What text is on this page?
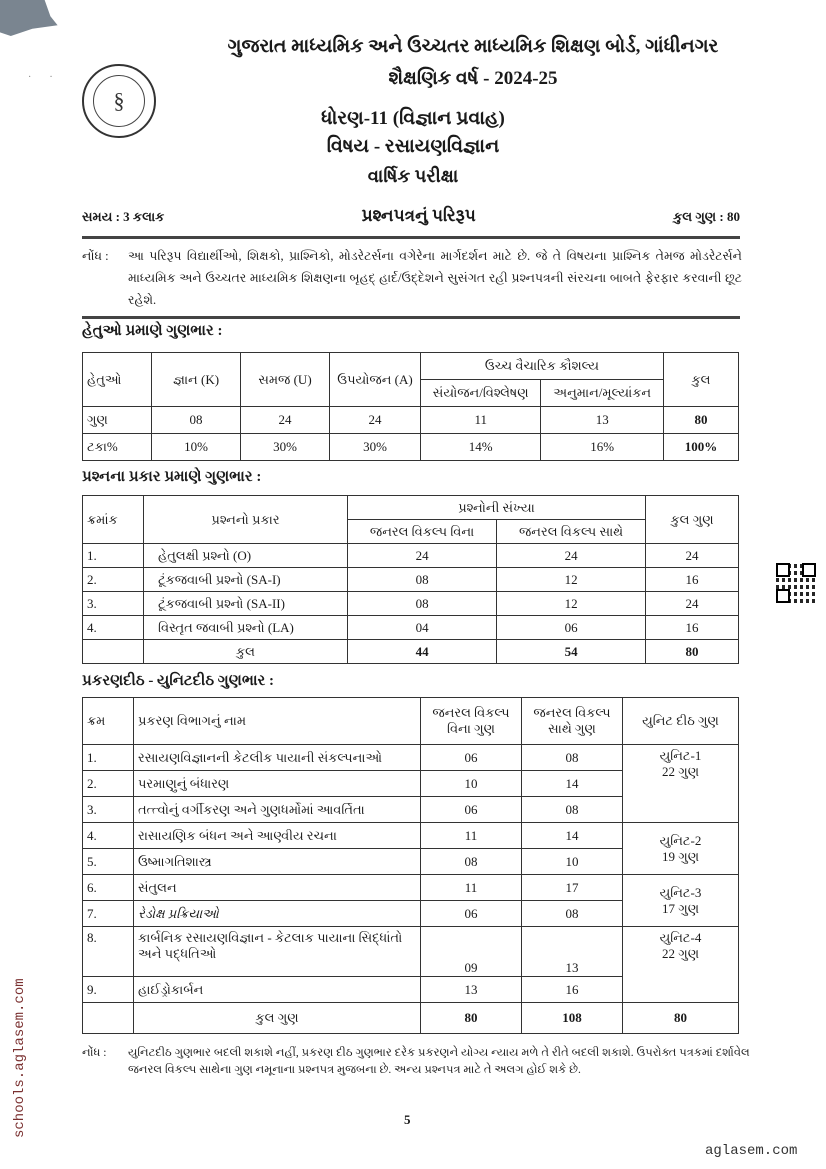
··
§
ગુજરાત માધ્યમિક અને ઉચ્ચતર માધ્યમિક શિક્ષણ બોર્ડ, ગાંધીનગર
શૈક્ષણિક વર્ષ - 2024-25
ધોરણ-11 (વિજ્ઞાન પ્રવાહ)
વિષય - રસાયણવિજ્ઞાન
વાર્ષિક પરીક્ષા
સમય : 3 કલાક	પ્રશ્નપત્રનું પરિરૂપ	કુલ ગુણ : 80
નોંધ : આ પરિરૂપ વિદ્યાર્થીઓ, શિક્ષકો, પ્રાશ્નિકો, મોડરેટર્સના વગેરેના માર્ગદર્શન માટે છે. જે તે વિષયના પ્રાશ્નિક તેમજ મોડરેટર્સને માધ્યમિક અને ઉચ્ચતર માધ્યમિક શિક્ષણના બૃહદ્ હાર્દ/ઉદ્દેશને સુસંગત રહી પ્રશ્નપત્રની સંરચના બાબતે ફેરફાર કરવાની છૂટ રહેશે.
હેતુઓ પ્રમાણે ગુણભાર :
હેતુઓ	જ્ઞાન (K)	સમજ (U)	ઉપયોજન (A)	ઉચ્ચ વૈચારિક કૌશલ્ય		કુલ
				સંયોજન/વિશ્લેષણ	અનુમાન/મૂલ્યાંકન	
ગુણ	08	24	24	11	13	80
ટકા%	10%	30%	30%	14%	16%	100%
પ્રશ્નના પ્રકાર પ્રમાણે ગુણભાર :
ક્રમાંક	પ્રશ્નનો પ્રકાર	પ્રશ્નોની સંખ્યા		કુલ ગુણ
		જનરલ વિકલ્પ વિના	જનરલ વિકલ્પ સાથે	
1.	હેતુલક્ષી પ્રશ્નો (O)	24	24	24
2.	ટૂંકજવાબી પ્રશ્નો (SA-I)	08	12	16
3.	ટૂંકજવાબી પ્રશ્નો (SA-II)	08	12	24
4.	વિસ્તૃત જવાબી પ્રશ્નો (LA)	04	06	16
	કુલ	44	54	80
પ્રકરણદીઠ - યુનિટદીઠ ગુણભાર :
ક્રમ	પ્રકરણ વિભાગનું નામ	જનરલ વિકલ્પ વિના ગુણ	જનરલ વિકલ્પ સાથે ગુણ	યુનિટ દીઠ ગુણ
1.	રસાયણવિજ્ઞાનની કેટલીક પાયાની સંકલ્પનાઓ	06	08	યુનિટ-1
22 ગુણ

2.	પરમાણુનું બંધારણ	10	14	
3.	તત્ત્વોનું વર્ગીકરણ અને ગુણધર્મોમાં આવર્તિતા	06	08	
4.	રાસાયણિક બંધન અને આણ્વીય રચના	11	14	યુનિટ-2
19 ગુણ

5.	ઉષ્માગતિશાસ્ત્ર	08	10	
6.	સંતુલન	11	17	યુનિટ-3
17 ગુણ

7.	રેડોક્ષ પ્રક્રિયાઓ	06	08	
8.	કાર્બનિક રસાયણવિજ્ઞાન - કેટલાક પાયાના સિદ્ધાંતો અને પદ્ધતિઓ	09	13	યુનિટ-4
22 ગુણ

9.	હાઈડ્રોકાર્બન	13	16	
	કુલ ગુણ	80	108	80
નોંધ : યુનિટદીઠ ગુણભાર બદલી શકાશે નહીં, પ્રકરણ દીઠ ગુણભાર દરેક પ્રકરણને યોગ્ય ન્યાય મળે તે રીતે બદલી શકાશે. ઉપરોક્ત પત્રકમાં દર્શાવેલ જનરલ વિકલ્પ સાથેના ગુણ નમૂનાના પ્રશ્નપત્ર મુજબના છે. અન્ય પ્રશ્નપત્ર માટે તે અલગ હોઈ શકે છે.
5
aglasem.com
schools.aglasem.com
